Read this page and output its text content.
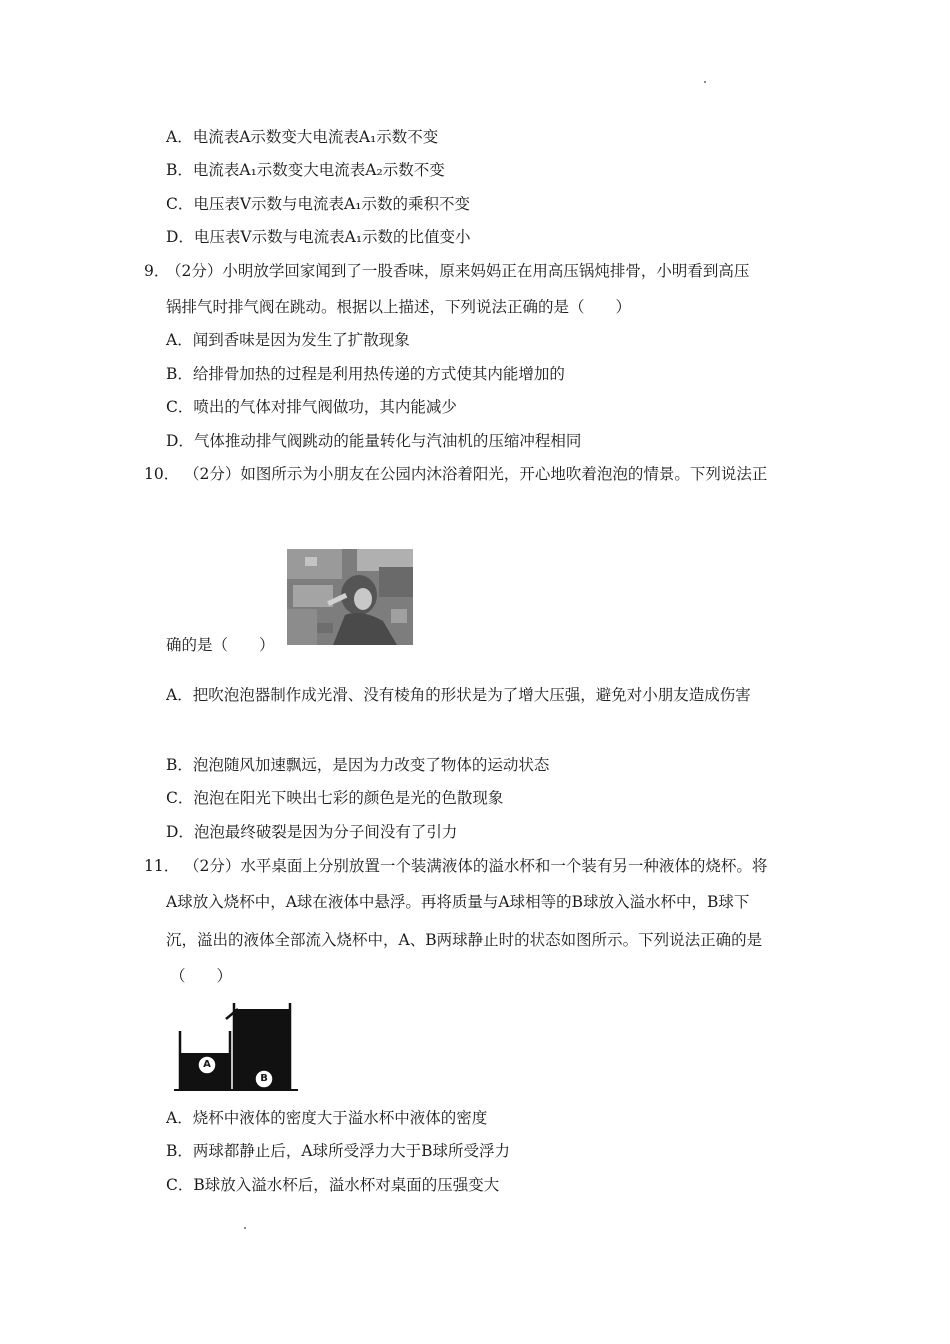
A．电流表A示数变大电流表A₁示数不变
B．电流表A₁示数变大电流表A₂示数不变
C．电压表V示数与电流表A₁示数的乘积不变
D．电压表V示数与电流表A₁示数的比值变小
9．
（2分）小明放学回家闻到了一股香味，原来妈妈正在用高压锅炖排骨，小明看到高压
锅排气时排气阀在跳动。根据以上描述，下列说法正确的是（　　）
A．闻到香味是因为发生了扩散现象
B．给排骨加热的过程是利用热传递的方式使其内能增加的
C．喷出的气体对排气阀做功，其内能减少
D．气体推动排气阀跳动的能量转化与汽油机的压缩冲程相同
10． （2分）如图所示为小朋友在公园内沐浴着阳光，开心地吹着泡泡的情景。下列说法正
确的是（　　）
A．把吹泡泡器制作成光滑、没有棱角的形状是为了增大压强，避免对小朋友造成伤害
B．泡泡随风加速飘远，是因为力改变了物体的运动状态
C．泡泡在阳光下映出七彩的颜色是光的色散现象
D．泡泡最终破裂是因为分子间没有了引力
11． （2分）水平桌面上分别放置一个装满液体的溢水杯和一个装有另一种液体的烧杯。将
A球放入烧杯中，A球在液体中悬浮。再将质量与A球相等的B球放入溢水杯中，B球下
沉，溢出的液体全部流入烧杯中，A、B两球静止时的状态如图所示。下列说法正确的是
（　　）
A
B
A．烧杯中液体的密度大于溢水杯中液体的密度
B．两球都静止后，A球所受浮力大于B球所受浮力
C．B球放入溢水杯后，溢水杯对桌面的压强变大
